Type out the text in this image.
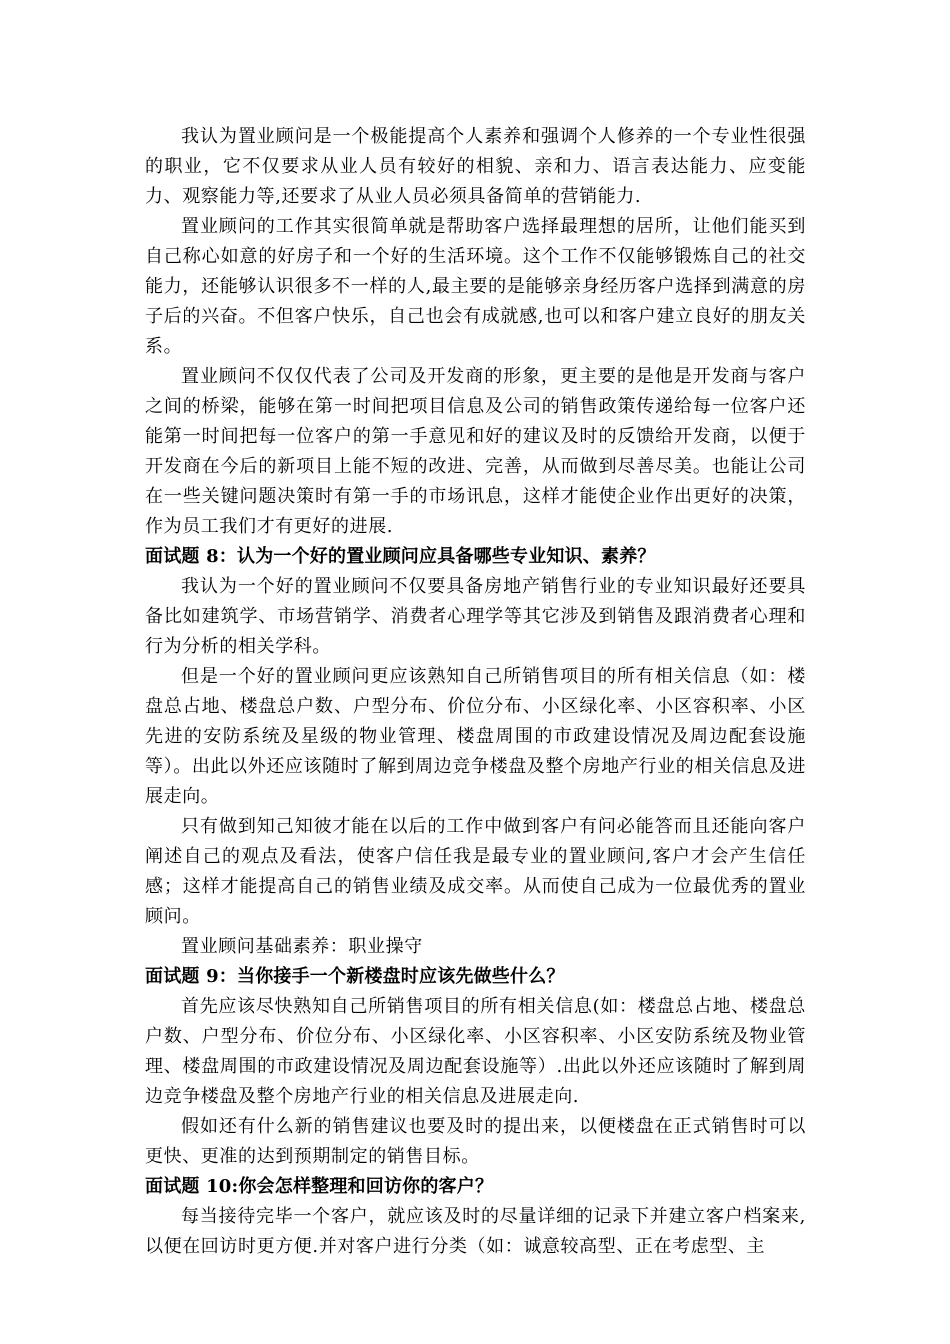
我认为置业顾问是一个极能提高个人素养和强调个人修养的一个专业性很强的职业，它不仅要求从业人员有较好的相貌、亲和力、语言表达能力、应变能力、观察能力等,还要求了从业人员必须具备简单的营销能力.

置业顾问的工作其实很简单就是帮助客户选择最理想的居所，让他们能买到自己称心如意的好房子和一个好的生活环境。这个工作不仅能够锻炼自己的社交能力，还能够认识很多不一样的人,最主要的是能够亲身经历客户选择到满意的房子后的兴奋。不但客户快乐，自己也会有成就感,也可以和客户建立良好的朋友关系。

置业顾问不仅仅代表了公司及开发商的形象，更主要的是他是开发商与客户之间的桥梁，能够在第一时间把项目信息及公司的销售政策传递给每一位客户还能第一时间把每一位客户的第一手意见和好的建议及时的反馈给开发商，以便于开发商在今后的新项目上能不短的改进、完善，从而做到尽善尽美。也能让公司在一些关键问题决策时有第一手的市场讯息，这样才能使企业作出更好的决策，作为员工我们才有更好的进展.

面试题 8：认为一个好的置业顾问应具备哪些专业知识、素养？

我认为一个好的置业顾问不仅要具备房地产销售行业的专业知识最好还要具备比如建筑学、市场营销学、消费者心理学等其它涉及到销售及跟消费者心理和行为分析的相关学科。

但是一个好的置业顾问更应该熟知自己所销售项目的所有相关信息（如：楼盘总占地、楼盘总户数、户型分布、价位分布、小区绿化率、小区容积率、小区先进的安防系统及星级的物业管理、楼盘周围的市政建设情况及周边配套设施等）。出此以外还应该随时了解到周边竞争楼盘及整个房地产行业的相关信息及进展走向。

只有做到知己知彼才能在以后的工作中做到客户有问必能答而且还能向客户阐述自己的观点及看法，使客户信任我是最专业的置业顾问,客户才会产生信任感；这样才能提高自己的销售业绩及成交率。从而使自己成为一位最优秀的置业顾问。

置业顾问基础素养：职业操守

面试题 9：当你接手一个新楼盘时应该先做些什么？

首先应该尽快熟知自己所销售项目的所有相关信息(如：楼盘总占地、楼盘总户数、户型分布、价位分布、小区绿化率、小区容积率、小区安防系统及物业管理、楼盘周围的市政建设情况及周边配套设施等）.出此以外还应该随时了解到周边竞争楼盘及整个房地产行业的相关信息及进展走向.

假如还有什么新的销售建议也要及时的提出来，以便楼盘在正式销售时可以更快、更准的达到预期制定的销售目标。

面试题 10:你会怎样整理和回访你的客户？

每当接待完毕一个客户，就应该及时的尽量详细的记录下并建立客户档案来,以便在回访时更方便.并对客户进行分类（如：诚意较高型、正在考虑型、主
